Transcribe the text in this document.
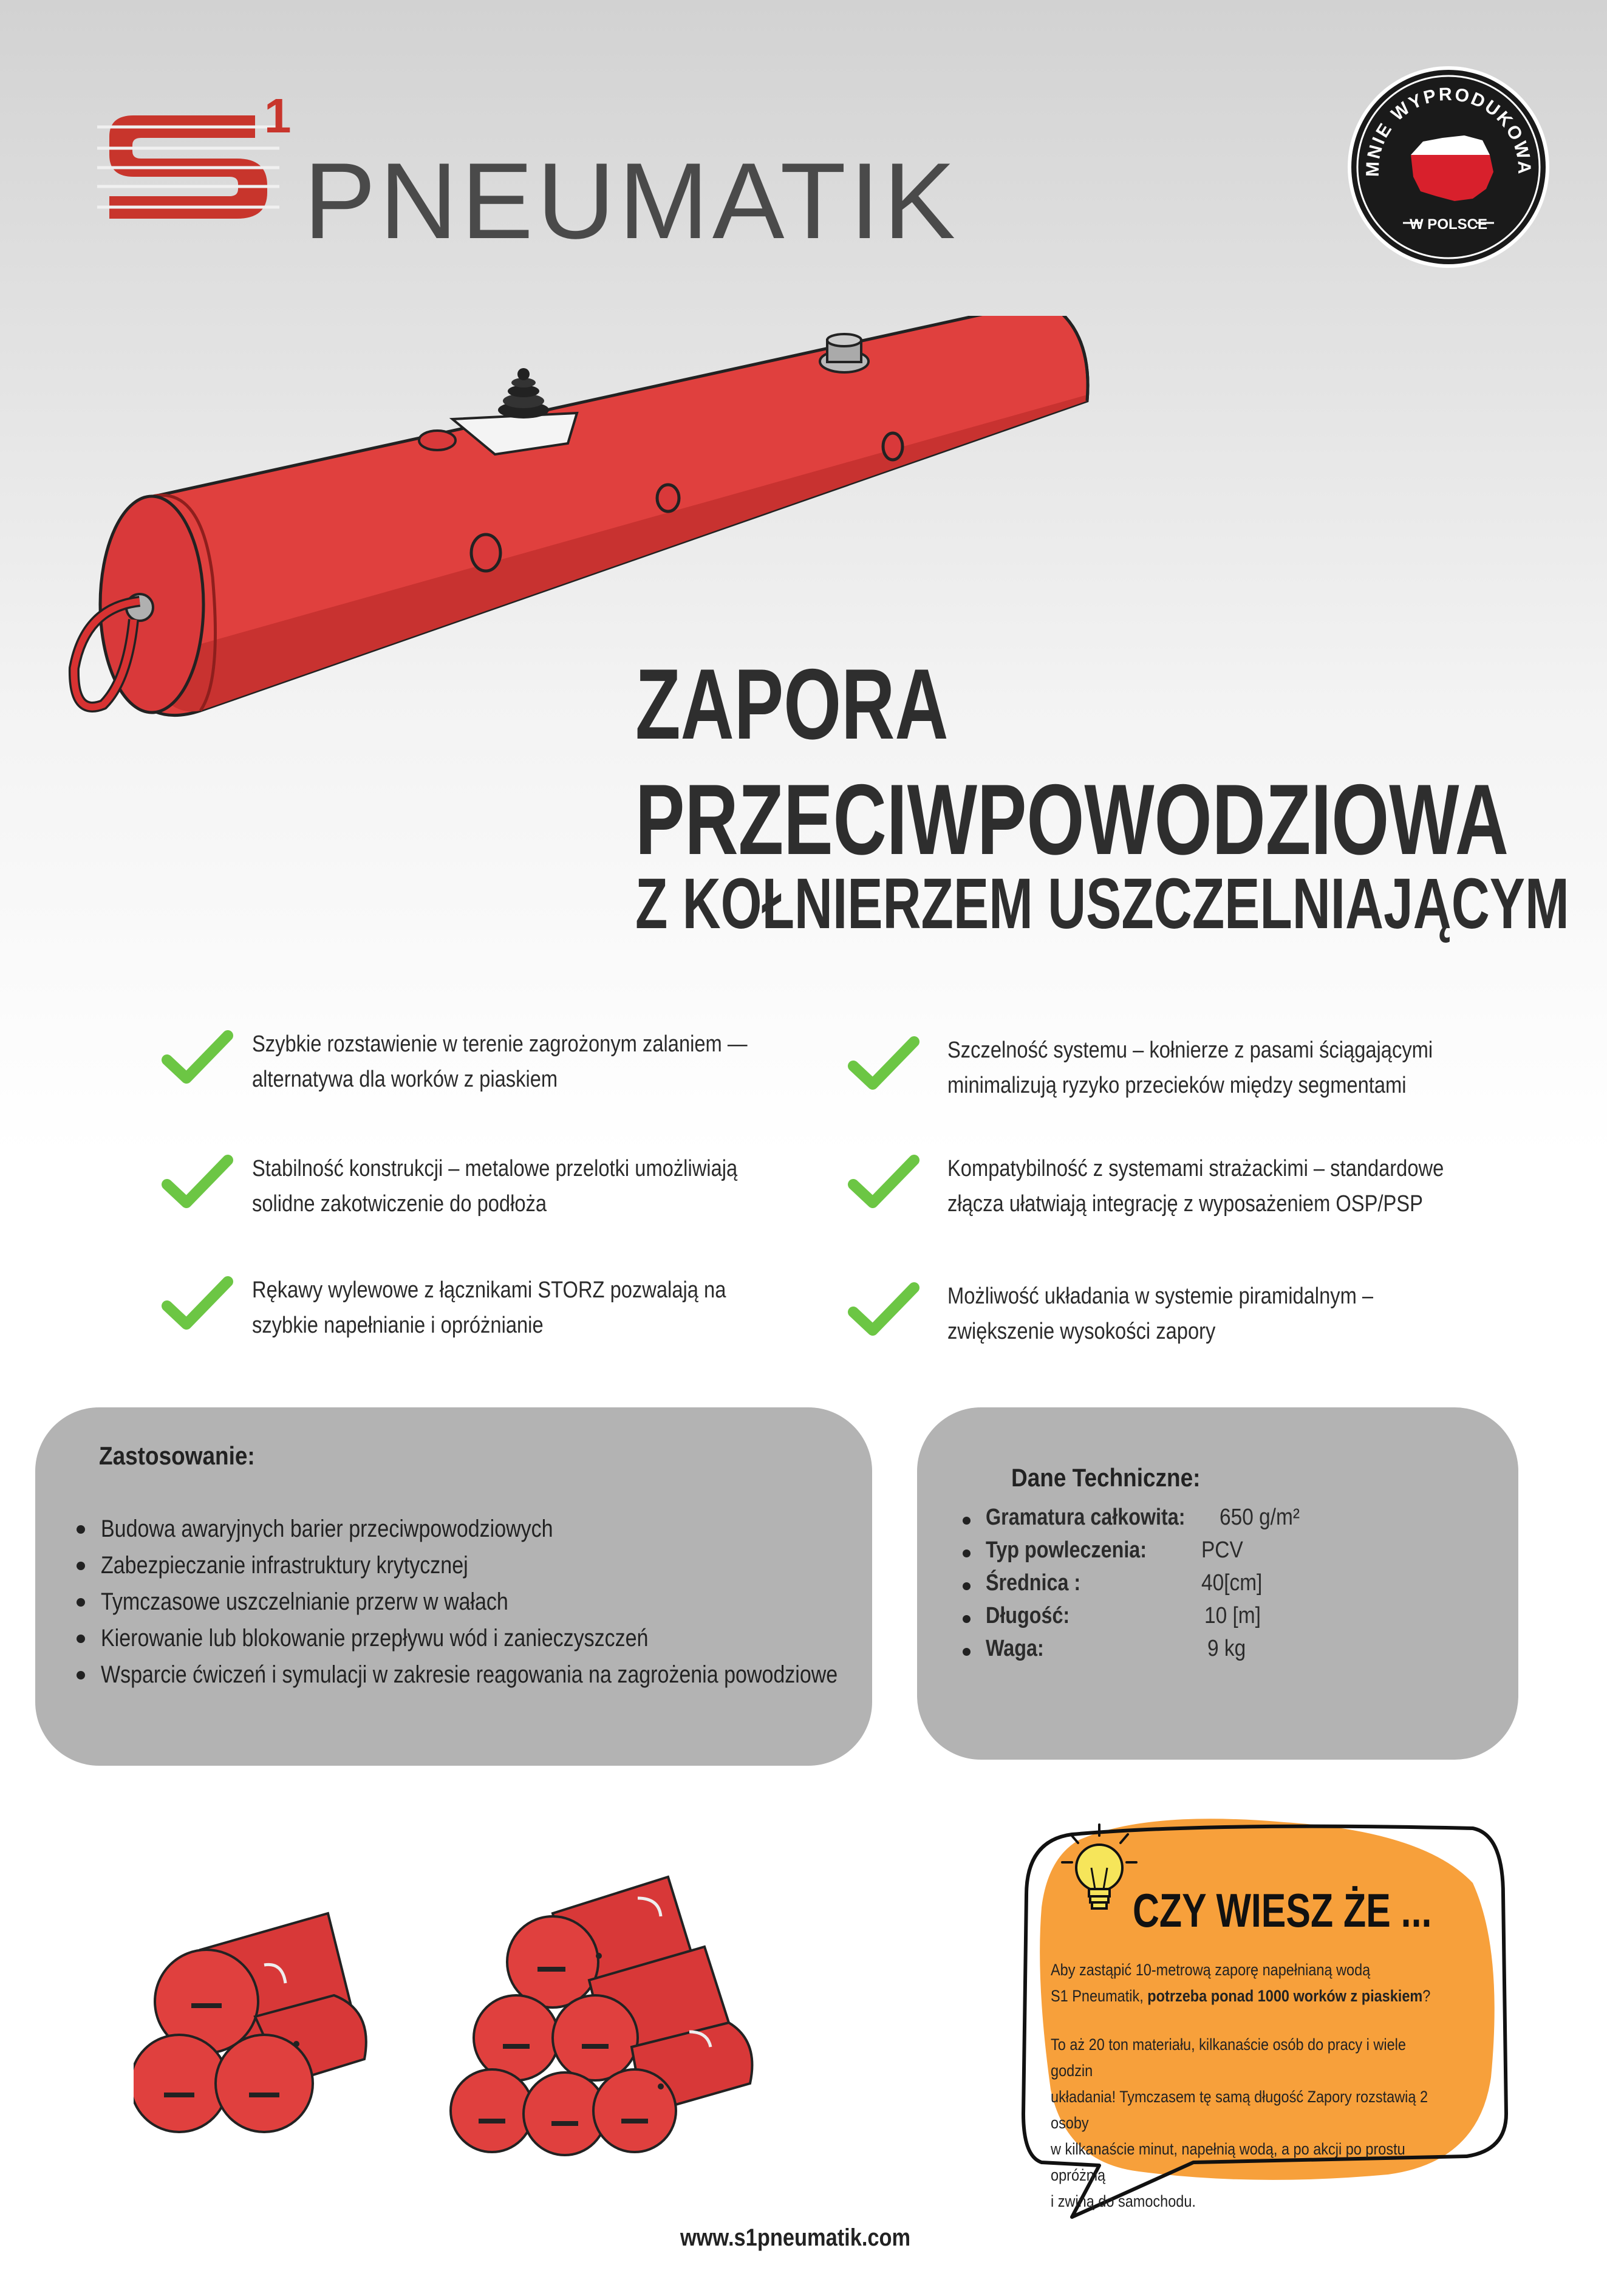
1
PNEUMATIK	MNIE WYPRODUKOWA
W POLSCE
ZAPORA
PRZECIWPOWODZIOWA
Z KOŁNIERZEM USZCZELNIAJĄCYM
Szybkie rozstawienie w terenie zagrożonym zalaniem —
alternatywa dla worków z piaskiem
Szczelność systemu – kołnierze z pasami ściągającymi
minimalizują ryzyko przecieków między segmentami
Stabilność konstrukcji – metalowe przelotki umożliwiają
solidne zakotwiczenie do podłoża
Kompatybilność z systemami strażackimi – standardowe
złącza ułatwiają integrację z wyposażeniem OSP/PSP
Rękawy wylewowe z łącznikami STORZ pozwalają na
szybkie napełnianie i opróżnianie
Możliwość układania w systemie piramidalnym –
zwiększenie wysokości zapory
Zastosowanie:
Budowa awaryjnych barier przeciwpowodziowych
Zabezpieczanie infrastruktury krytycznej
Tymczasowe uszczelnianie przerw w wałach
Kierowanie lub blokowanie przepływu wód i zanieczyszczeń
Wsparcie ćwiczeń i symulacji w zakresie reagowania na zagrożenia powodziowe
Dane Techniczne:
Gramatura całkowita: 650 g/m²
Typ powleczenia: PCV
Średnica :	40[cm]
Długość:	10 [m]
Waga:	9 kg
CZY WIESZ ŻE ...
Aby zastąpić 10-metrową zaporę napełnianą wodą
S1 Pneumatik, potrzeba ponad 1000 worków z piaskiem?
To aż 20 ton materiału, kilkanaście osób do pracy i wiele godzin
układania! Tymczasem tę samą długość Zapory rozstawią 2 osoby
w kilkanaście minut, napełnią wodą, a po akcji po prostu opróżnią
i zwiną do samochodu.
www.s1pneumatik.com
